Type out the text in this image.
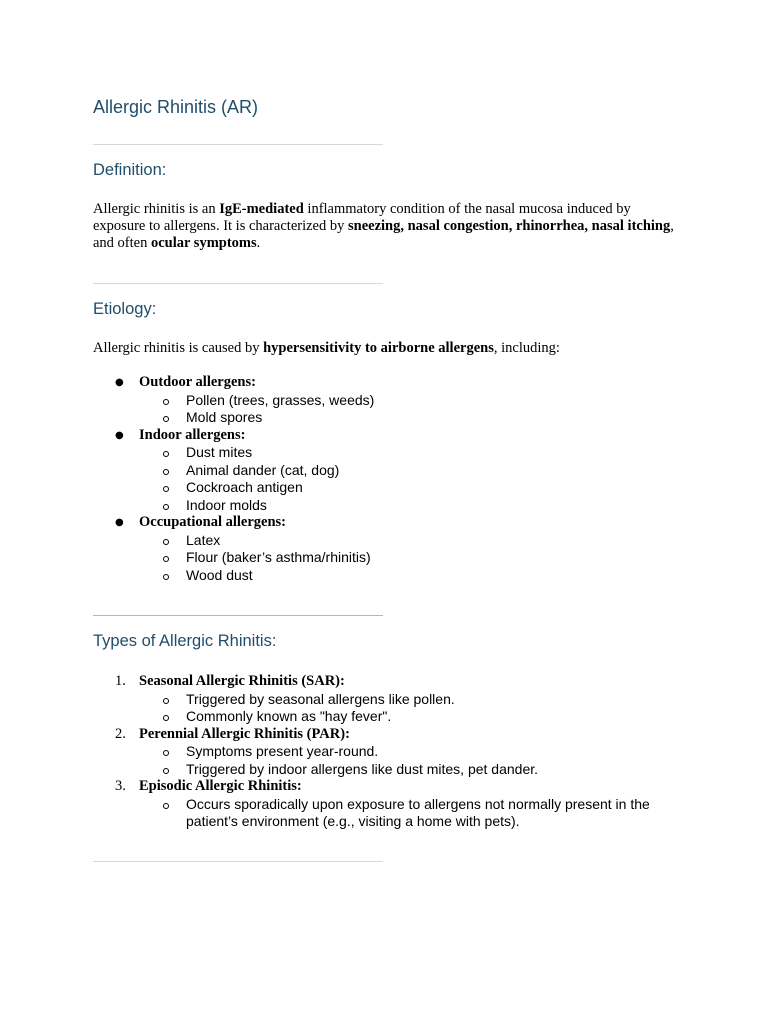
Allergic Rhinitis (AR)
Definition:

Allergic rhinitis is an IgE-mediated inflammatory condition of the nasal mucosa induced by exposure to allergens. It is characterized by sneezing, nasal congestion, rhinorrhea, nasal itching, and often ocular symptoms.

Etiology:

Allergic rhinitis is caused by hypersensitivity to airborne allergens, including:

● Outdoor allergens:
Pollen (trees, grasses, weeds)
Mold spores
● Indoor allergens:
Dust mites
Animal dander (cat, dog)
Cockroach antigen
Indoor molds
● Occupational allergens:
Latex
Flour (baker’s asthma/rhinitis)
Wood dust
Types of Allergic Rhinitis:
1. Seasonal Allergic Rhinitis (SAR):
Triggered by seasonal allergens like pollen.
Commonly known as "hay fever".
2. Perennial Allergic Rhinitis (PAR):
Symptoms present year-round.
Triggered by indoor allergens like dust mites, pet dander.
3. Episodic Allergic Rhinitis:
Occurs sporadically upon exposure to allergens not normally present in the patient’s environment (e.g., visiting a home with pets).
